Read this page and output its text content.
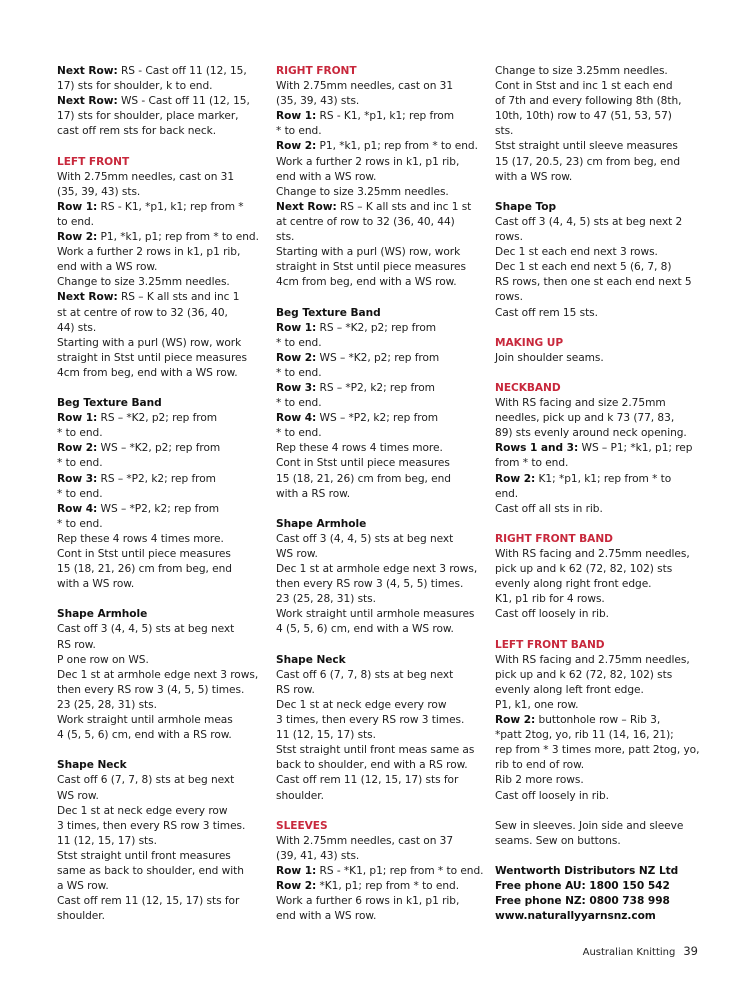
Next Row: RS - Cast off 11 (12, 15,
17) sts for shoulder, k to end.
Next Row: WS - Cast off 11 (12, 15,
17) sts for shoulder, place marker,
cast off rem sts for back neck.
LEFT FRONT
With 2.75mm needles, cast on 31
(35, 39, 43) sts.
Row 1: RS - K1, *p1, k1; rep from *
to end.
Row 2: P1, *k1, p1; rep from * to end.
Work a further 2 rows in k1, p1 rib,
end with a WS row.
Change to size 3.25mm needles.
Next Row: RS – K all sts and inc 1
st at centre of row to 32 (36, 40,
44) sts.
Starting with a purl (WS) row, work
straight in Stst until piece measures
4cm from beg, end with a WS row.
Beg Texture Band
Row 1: RS – *K2, p2; rep from
* to end.
Row 2: WS – *K2, p2; rep from
* to end.
Row 3: RS – *P2, k2; rep from
* to end.
Row 4: WS – *P2, k2; rep from
* to end.
Rep these 4 rows 4 times more.
Cont in Stst until piece measures
15 (18, 21, 26) cm from beg, end
with a WS row.
Shape Armhole
Cast off 3 (4, 4, 5) sts at beg next
RS row.
P one row on WS.
Dec 1 st at armhole edge next 3 rows,
then every RS row 3 (4, 5, 5) times.
23 (25, 28, 31) sts.
Work straight until armhole meas
4 (5, 5, 6) cm, end with a RS row.
Shape Neck
Cast off 6 (7, 7, 8) sts at beg next
WS row.
Dec 1 st at neck edge every row
3 times, then every RS row 3 times.
11 (12, 15, 17) sts.
Stst straight until front measures
same as back to shoulder, end with
a WS row.
Cast off rem 11 (12, 15, 17) sts for
shoulder.
RIGHT FRONT
With 2.75mm needles, cast on 31
(35, 39, 43) sts.
Row 1: RS - K1, *p1, k1; rep from
* to end.
Row 2: P1, *k1, p1; rep from * to end.
Work a further 2 rows in k1, p1 rib,
end with a WS row.
Change to size 3.25mm needles.
Next Row: RS – K all sts and inc 1 st
at centre of row to 32 (36, 40, 44)
sts.
Starting with a purl (WS) row, work
straight in Stst until piece measures
4cm from beg, end with a WS row.
Beg Texture Band
Row 1: RS – *K2, p2; rep from
* to end.
Row 2: WS – *K2, p2; rep from
* to end.
Row 3: RS – *P2, k2; rep from
* to end.
Row 4: WS – *P2, k2; rep from
* to end.
Rep these 4 rows 4 times more.
Cont in Stst until piece measures
15 (18, 21, 26) cm from beg, end
with a RS row.
Shape Armhole
Cast off 3 (4, 4, 5) sts at beg next
WS row.
Dec 1 st at armhole edge next 3 rows,
then every RS row 3 (4, 5, 5) times.
23 (25, 28, 31) sts.
Work straight until armhole measures
4 (5, 5, 6) cm, end with a WS row.
Shape Neck
Cast off 6 (7, 7, 8) sts at beg next
RS row.
Dec 1 st at neck edge every row
3 times, then every RS row 3 times.
11 (12, 15, 17) sts.
Stst straight until front meas same as
back to shoulder, end with a RS row.
Cast off rem 11 (12, 15, 17) sts for
shoulder.
SLEEVES
With 2.75mm needles, cast on 37
(39, 41, 43) sts.
Row 1: RS - *K1, p1; rep from * to end.
Row 2: *K1, p1; rep from * to end.
Work a further 6 rows in k1, p1 rib,
end with a WS row.
Change to size 3.25mm needles.
Cont in Stst and inc 1 st each end
of 7th and every following 8th (8th,
10th, 10th) row to 47 (51, 53, 57)
sts.
Stst straight until sleeve measures
15 (17, 20.5, 23) cm from beg, end
with a WS row.
Shape Top
Cast off 3 (4, 4, 5) sts at beg next 2
rows.
Dec 1 st each end next 3 rows.
Dec 1 st each end next 5 (6, 7, 8)
RS rows, then one st each end next 5
rows.
Cast off rem 15 sts.
MAKING UP
Join shoulder seams.
NECKBAND
With RS facing and size 2.75mm
needles, pick up and k 73 (77, 83,
89) sts evenly around neck opening.
Rows 1 and 3: WS – P1; *k1, p1; rep
from * to end.
Row 2: K1; *p1, k1; rep from * to
end.
Cast off all sts in rib.
RIGHT FRONT BAND
With RS facing and 2.75mm needles,
pick up and k 62 (72, 82, 102) sts
evenly along right front edge.
K1, p1 rib for 4 rows.
Cast off loosely in rib.
LEFT FRONT BAND
With RS facing and 2.75mm needles,
pick up and k 62 (72, 82, 102) sts
evenly along left front edge.
P1, k1, one row.
Row 2: buttonhole row – Rib 3,
*patt 2tog, yo, rib 11 (14, 16, 21);
rep from * 3 times more, patt 2tog, yo,
rib to end of row.
Rib 2 more rows.
Cast off loosely in rib.
Sew in sleeves. Join side and sleeve
seams. Sew on buttons.
Wentworth Distributors NZ Ltd
Free phone AU: 1800 150 542
Free phone NZ: 0800 738 998
www.naturallyyarnsnz.com
Australian Knitting 39
